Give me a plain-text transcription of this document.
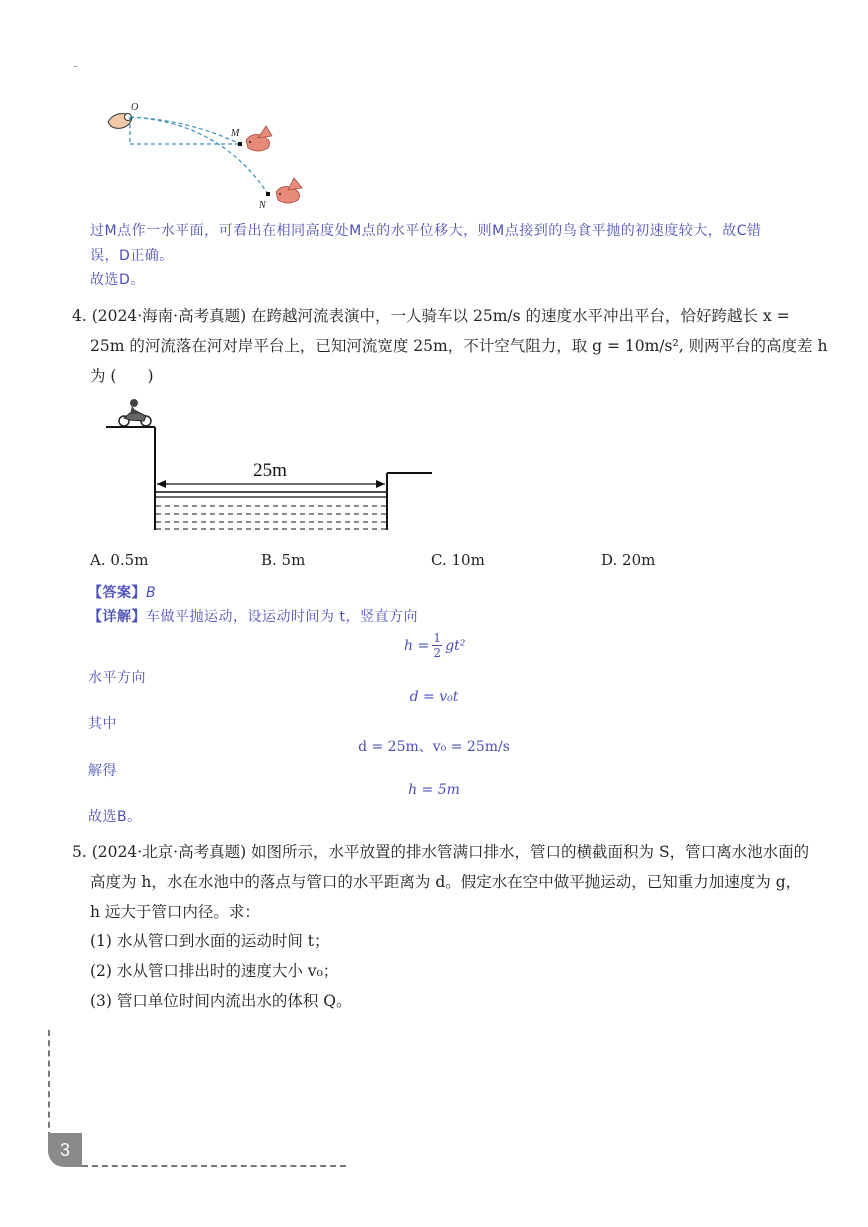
O
M
N
过M点作一水平面，可看出在相同高度处M点的水平位移大，则M点接到的鸟食平抛的初速度较大，故C错
误，D正确。
故选D。
4. (2024·海南·高考真题) 在跨越河流表演中，一人骑车以 25m/s 的速度水平冲出平台，恰好跨越长 x =
25m 的河流落在河对岸平台上，已知河流宽度 25m，不计空气阻力，取 g = 10m/s², 则两平台的高度差 h
为 (　　)
25m
A. 0.5m	B. 5m	C. 10m	D. 20m
【答案】B
【详解】车做平抛运动，设运动时间为 t，竖直方向
$h = \frac{1}{2} gt^2$
水平方向
d = v₀t
其中
d = 25m、v₀ = 25m/s
解得
h = 5m
故选B。
5. (2024·北京·高考真题) 如图所示，水平放置的排水管满口排水，管口的横截面积为 S，管口离水池水面的
高度为 h，水在水池中的落点与管口的水平距离为 d。假定水在空中做平抛运动，已知重力加速度为 g，
h 远大于管口内径。求：
(1) 水从管口到水面的运动时间 t；
(2) 水从管口排出时的速度大小 v₀；
(3) 管口单位时间内流出水的体积 Q。
3
